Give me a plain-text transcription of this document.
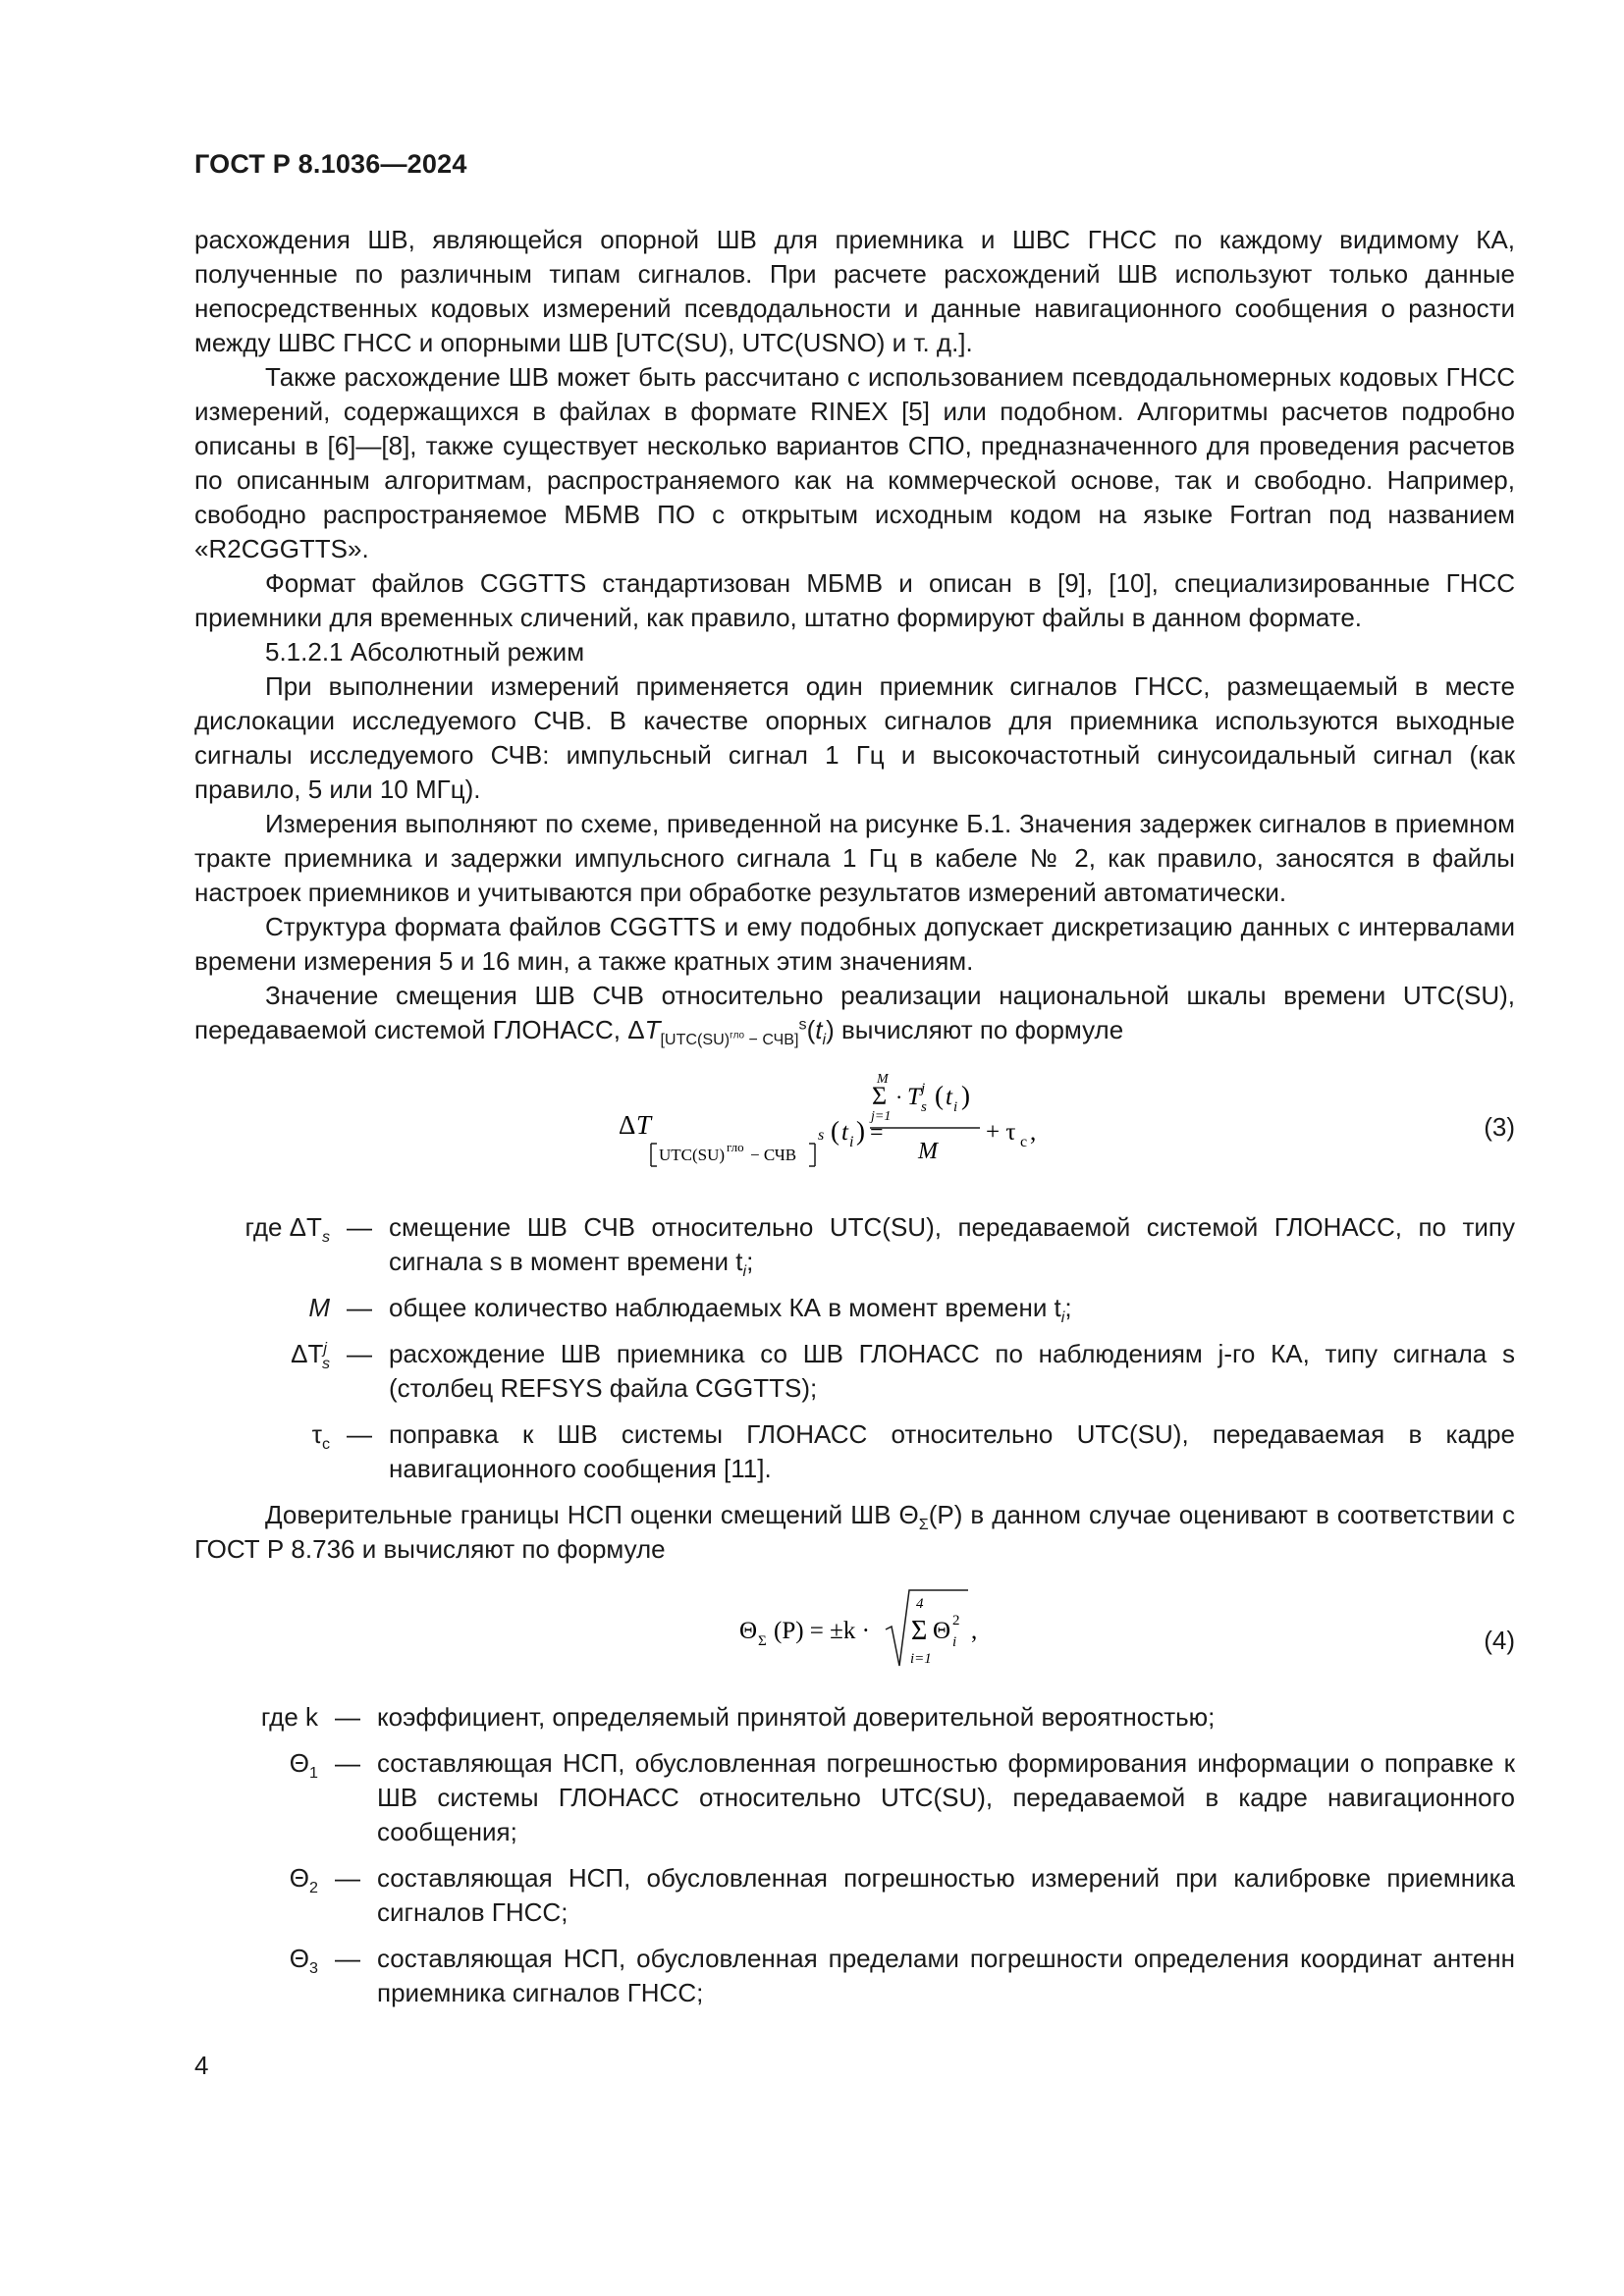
ГОСТ Р 8.1036—2024

расхождения ШВ, являющейся опорной ШВ для приемника и ШВС ГНСС по каждому видимому КА, полученные по различным типам сигналов. При расчете расхождений ШВ используют только данные непосредственных кодовых измерений псевдодальности и данные навигационного сообщения о разности между ШВС ГНСС и опорными ШВ [UTC(SU), UTC(USNO) и т. д.].

Также расхождение ШВ может быть рассчитано с использованием псевдодальномерных кодовых ГНСС измерений, содержащихся в файлах в формате RINEX [5] или подобном. Алгоритмы расчетов подробно описаны в [6]—[8], также существует несколько вариантов СПО, предназначенного для проведения расчетов по описанным алгоритмам, распространяемого как на коммерческой основе, так и свободно. Например, свободно распространяемое МБМВ ПО с открытым исходным кодом на языке Fortran под названием «R2CGGTTS».

Формат файлов CGGTTS стандартизован МБМВ и описан в [9], [10], специализированные ГНСС приемники для временных сличений, как правило, штатно формируют файлы в данном формате.

5.1.2.1 Абсолютный режим

При выполнении измерений применяется один приемник сигналов ГНСС, размещаемый в месте дислокации исследуемого СЧВ. В качестве опорных сигналов для приемника используются выходные сигналы исследуемого СЧВ: импульсный сигнал 1 Гц и высокочастотный синусоидальный сигнал (как правило, 5 или 10 МГц).

Измерения выполняют по схеме, приведенной на рисунке Б.1. Значения задержек сигналов в приемном тракте приемника и задержки импульсного сигнала 1 Гц в кабеле № 2, как правило, заносятся в файлы настроек приемников и учитываются при обработке результатов измерений автоматически.

Структура формата файлов CGGTTS и ему подобных допускает дискретизацию данных с интервалами времени измерения 5 и 16 мин, а также кратных этим значениям.

Значение смещения ШВ СЧВ относительно реализации национальной шкалы времени UTC(SU), передаваемой системой ГЛОНАСС, $\Delta T_{[UTC(SU)^{гло} - СЧВ]}^s(t_i)$ вычисляют по формуле

Δ T
UTC(SU) гло − СЧВ
s ( t i ) =
M
Σ
j=1
· T j
s ( t i )
M
+ τ с ,	(3)
где $\Delta T_s$ — смещение ШВ СЧВ относительно UTC(SU), передаваемой системой ГЛОНАСС, по типу сигнала s в момент времени $t_i$;
M — общее количество наблюдаемых КА в момент времени $t_i$;
$\Delta T^j_s$ — расхождение ШВ приемника со ШВ ГЛОНАСС по наблюдениям j-го КА, типу сигнала s (столбец REFSYS файла CGGTTS);
$\tau_с$ — поправка к ШВ системы ГЛОНАСС относительно UTC(SU), передаваемая в кадре навигационного сообщения [11].

Доверительные границы НСП оценки смещений ШВ $\Theta_\Sigma(P)$ в данном случае оценивают в соответствии с ГОСТ Р 8.736 и вычисляют по формуле

Θ Σ (P) = ±k ·
4
Σ
i=1
Θ 2
i ,	(4)
где k — коэффициент, определяемый принятой доверительной вероятностью;
$\Theta_1$ — составляющая НСП, обусловленная погрешностью формирования информации о поправке к ШВ системы ГЛОНАСС относительно UTC(SU), передаваемой в кадре навигационного сообщения;
$\Theta_2$ — составляющая НСП, обусловленная погрешностью измерений при калибровке приемника сигналов ГНСС;
$\Theta_3$ — составляющая НСП, обусловленная пределами погрешности определения координат антенн приемника сигналов ГНСС;
4
